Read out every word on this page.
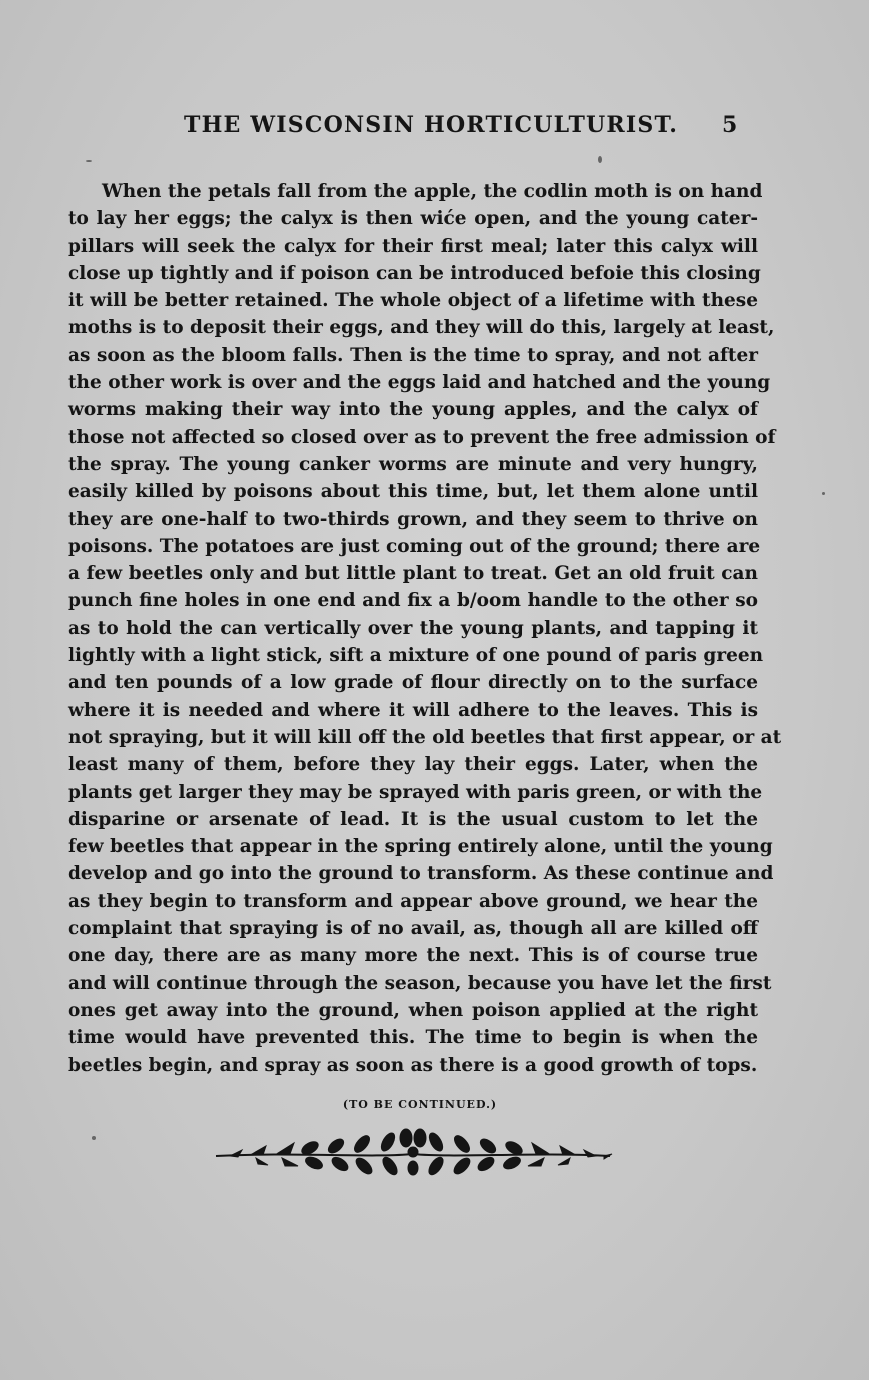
THE WISCONSIN HORTICULTURIST. 5
When the petals fall from the apple, the codlin moth is on hand
to lay her eggs; the calyx is then wiće open, and the young cater-
pillars will seek the calyx for their first meal; later this calyx will
close up tightly and if poison can be introduced befoie this closing
it will be better retained. The whole object of a lifetime with these
moths is to deposit their eggs, and they will do this, largely at least,
as soon as the bloom falls. Then is the time to spray, and not after
the other work is over and the eggs laid and hatched and the young
worms making their way into the young apples, and the calyx of
those not affected so closed over as to prevent the free admission of
the spray. The young canker worms are minute and very hungry,
easily killed by poisons about this time, but, let them alone until
they are one-half to two-thirds grown, and they seem to thrive on
poisons. The potatoes are just coming out of the ground; there are
a few beetles only and but little plant to treat. Get an old fruit can
punch fine holes in one end and fix a b/oom handle to the other so
as to hold the can vertically over the young plants, and tapping it
lightly with a light stick, sift a mixture of one pound of paris green
and ten pounds of a low grade of flour directly on to the surface
where it is needed and where it will adhere to the leaves. This is
not spraying, but it will kill off the old beetles that first appear, or at
least many of them, before they lay their eggs. Later, when the
plants get larger they may be sprayed with paris green, or with the
disparine or arsenate of lead. It is the usual custom to let the
few beetles that appear in the spring entirely alone, until the young
develop and go into the ground to transform. As these continue and
as they begin to transform and appear above ground, we hear the
complaint that spraying is of no avail, as, though all are killed off
one day, there are as many more the next. This is of course true
and will continue through the season, because you have let the first
ones get away into the ground, when poison applied at the right
time would have prevented this. The time to begin is when the
beetles begin, and spray as soon as there is a good growth of tops.
(TO BE CONTINUED.)
